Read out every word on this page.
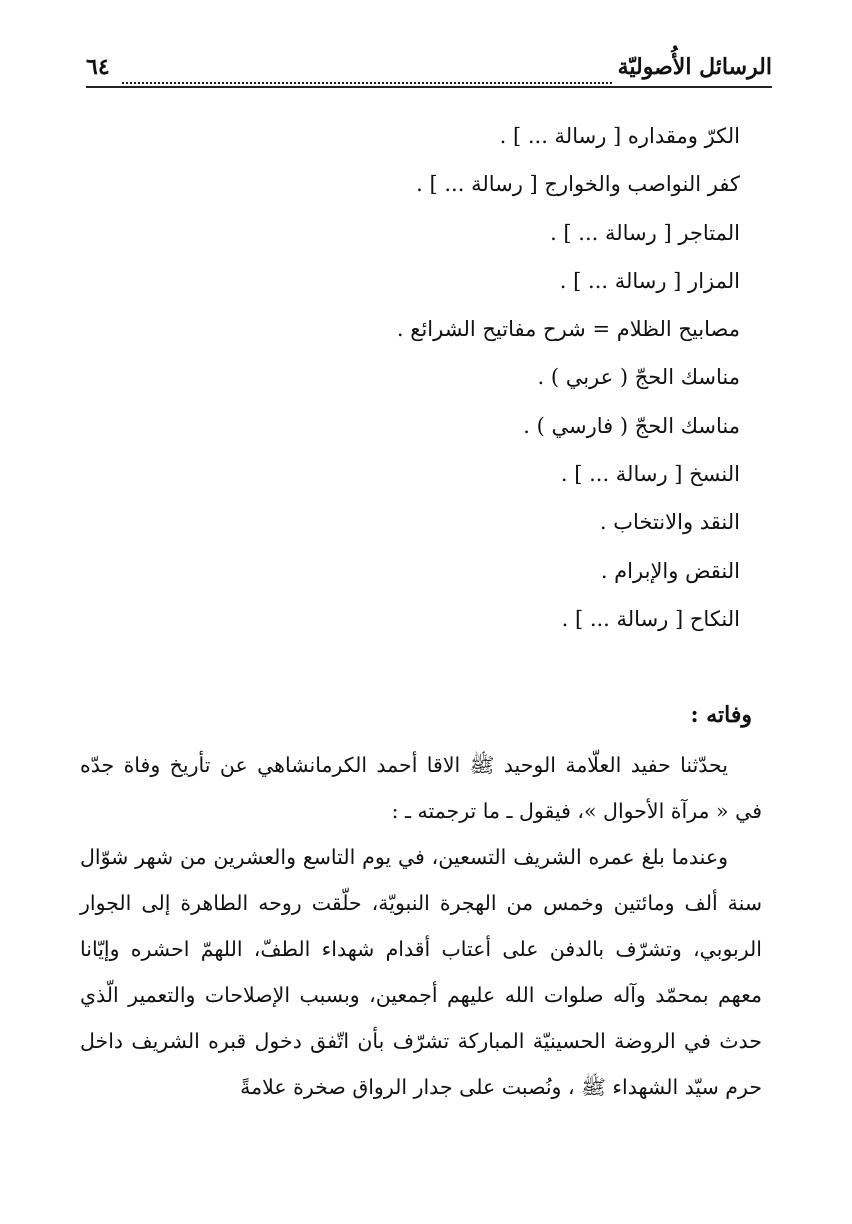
الرسائل الأُصوليّة
٦٤
الكرّ ومقداره [ رسالة ... ] .
كفر النواصب والخوارج [ رسالة ... ] .
المتاجر [ رسالة ... ] .
المزار [ رسالة ... ] .
مصابيح الظلام = شرح مفاتيح الشرائع .
مناسك الحجّ ( عربي ) .
مناسك الحجّ ( فارسي ) .
النسخ [ رسالة ... ] .
النقد والانتخاب .
النقض والإبرام .
النكاح [ رسالة ... ] .
وفاته :

يحدّثنا حفيد العلّامة الوحيد ﷺ الاقا أحمد الكرمانشاهي عن تأريخ وفاة جدّه في « مرآة الأحوال »، فيقول ـ ما ترجمته ـ :

وعندما بلغ عمره الشريف التسعين، في يوم التاسع والعشرين من شهر شوّال سنة ألف ومائتين وخمس من الهجرة النبويّة، حلّقت روحه الطاهرة إلى الجوار الربوبي، وتشرّف بالدفن على أعتاب أقدام شهداء الطفّ، اللهمّ احشره وإيّانا معهم بمحمّد وآله صلوات الله عليهم أجمعين، وبسبب الإصلاحات والتعمير الّذي حدث في الروضة الحسينيّة المباركة تشرّف بأن اتّفق دخول قبره الشريف داخل حرم سيّد الشهداء ﷺ ، ونُصبت على جدار الرواق صخرة علامةً
